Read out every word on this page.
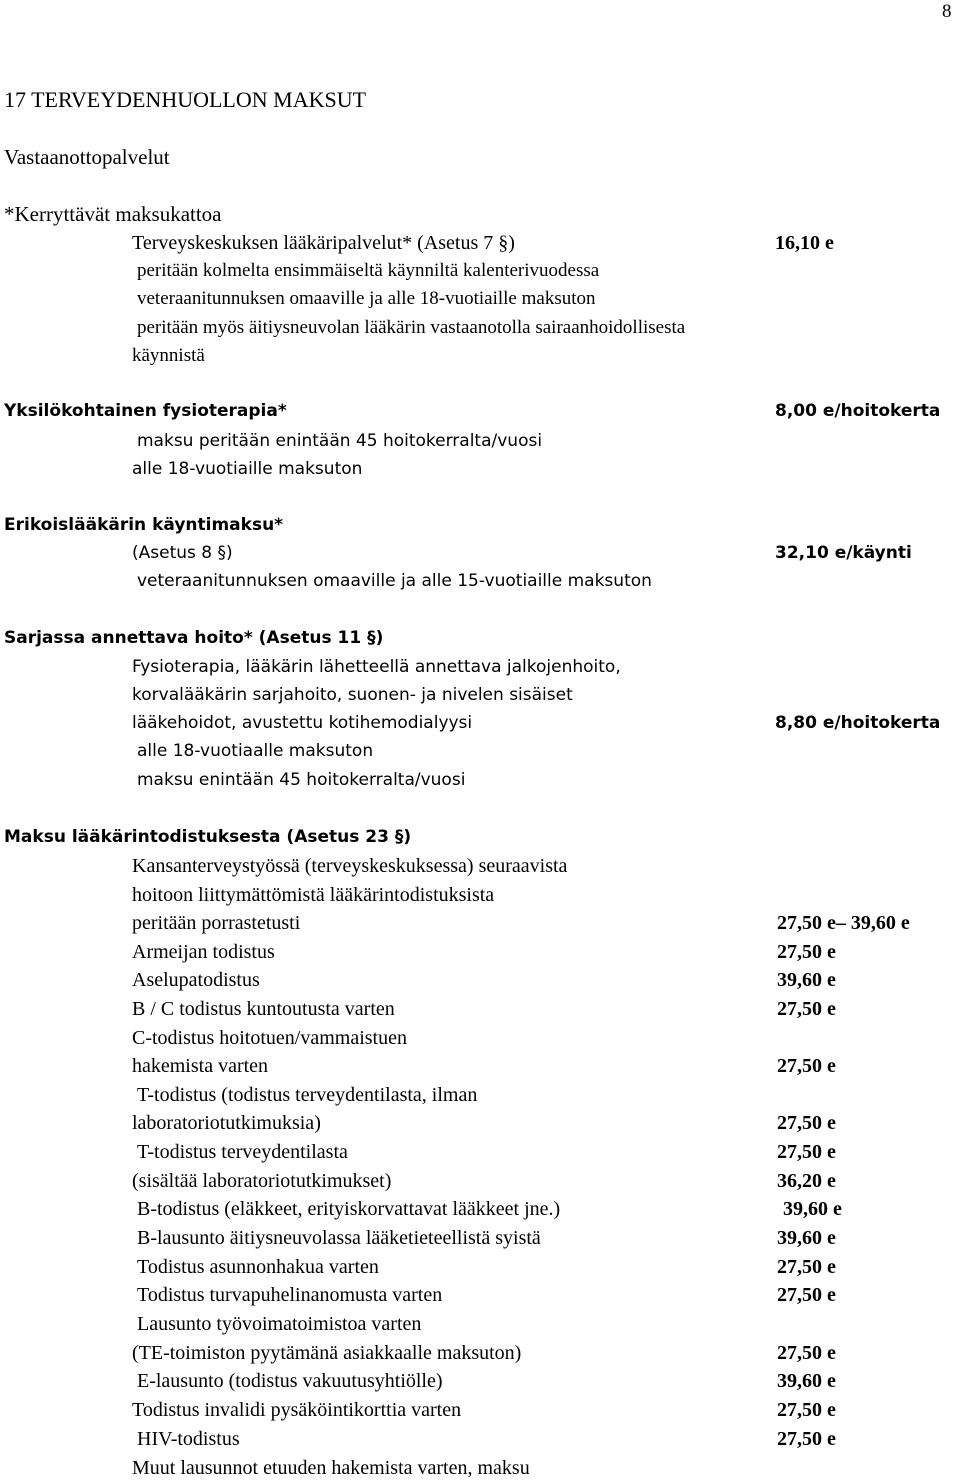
8
17 TERVEYDENHUOLLON MAKSUT
Vastaanottopalvelut
*Kerryttävät maksukattoa
Terveyskeskuksen lääkäripalvelut* (Asetus 7 §)	16,10 e
peritään kolmelta ensimmäiseltä käynniltä kalenterivuodessa
veteraanitunnuksen omaaville ja alle 18-vuotiaille maksuton
peritään myös äitiysneuvolan lääkärin vastaanotolla sairaanhoidollisesta
käynnistä
Yksilökohtainen fysioterapia*	8,00 e/hoitokerta
maksu peritään enintään 45 hoitokerralta/vuosi
alle 18-vuotiaille maksuton
Erikoislääkärin käyntimaksu*
(Asetus 8 §)	32,10 e/käynti
veteraanitunnuksen omaaville ja alle 15-vuotiaille maksuton
Sarjassa annettava hoito* (Asetus 11 §)
Fysioterapia, lääkärin lähetteellä annettava jalkojenhoito,
korvalääkärin sarjahoito, suonen- ja nivelen sisäiset
lääkehoidot, avustettu kotihemodialyysi	8,80 e/hoitokerta
alle 18-vuotiaalle maksuton
maksu enintään 45 hoitokerralta/vuosi
Maksu lääkärintodistuksesta (Asetus 23 §)
Kansanterveystyössä (terveyskeskuksessa) seuraavista
hoitoon liittymättömistä lääkärintodistuksista
peritään porrastetusti	27,50 e– 39,60 e
Armeijan todistus	27,50 e
Aselupatodistus	39,60 e
B / C todistus kuntoutusta varten	27,50 e
C-todistus hoitotuen/vammaistuen
hakemista varten	27,50 e
T-todistus (todistus terveydentilasta, ilman
laboratoriotutkimuksia)	27,50 e
T-todistus terveydentilasta	27,50 e
(sisältää laboratoriotutkimukset)	36,20 e
B-todistus (eläkkeet, erityiskorvattavat lääkkeet jne.)	39,60 e
B-lausunto äitiysneuvolassa lääketieteellistä syistä	39,60 e
Todistus asunnonhakua varten	27,50 e
Todistus turvapuhelinanomusta varten	27,50 e
Lausunto työvoimatoimistoa varten
(TE-toimiston pyytämänä asiakkaalle maksuton)	27,50 e
E-lausunto (todistus vakuutusyhtiölle)	39,60 e
Todistus invalidi pysäköintikorttia varten	27,50 e
HIV-todistus	27,50 e
Muut lausunnot etuuden hakemista varten, maksu
